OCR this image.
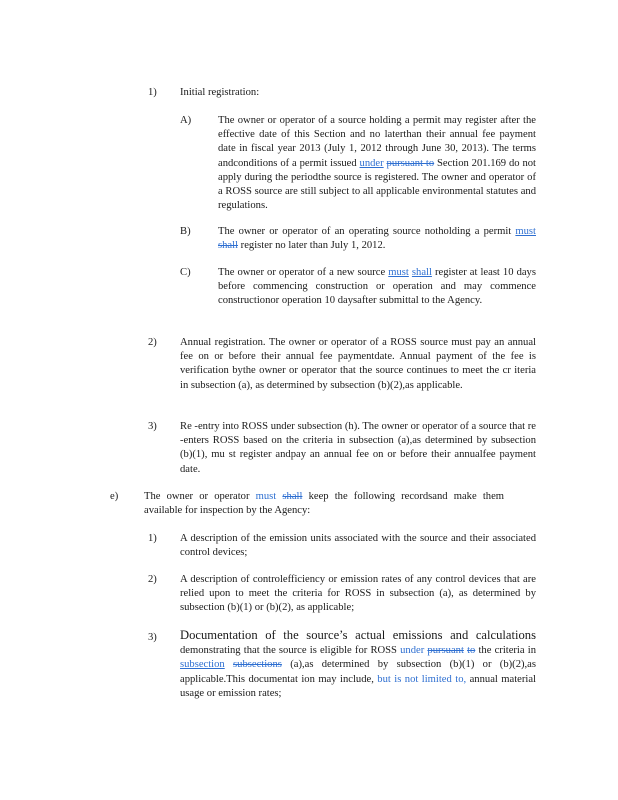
1) Initial registration:
A)	The owner or operator of a source holding a permit may register after the effective date of this Section and no laterthan their annual fee payment date in fiscal year 2013 (July 1, 2012 through June 30, 2013). The terms andconditions of a permit issued under pursuant to Section 201.169 do not apply during the periodthe source is registered. The owner and operator of a ROSS source are still subject to all applicable environmental statutes and regulations.
B)	The owner or operator of an operating source notholding a permit must shall register no later than July 1, 2012.
C)	The owner or operator of a new source must shall register at least 10 days before commencing construction or operation and may commence constructionor operation 10 daysafter submittal to the Agency.
2) Annual registration. The owner or operator of a ROSS source must pay an annual fee on or before their annual fee paymentdate. Annual payment of the fee is verification bythe owner or operator that the source continues to meet the cr iteria in subsection (a), as determined by subsection (b)(2),as applicable.
3) Re -entry into ROSS under subsection (h). The owner or operator of a source that re -enters ROSS based on the criteria in subsection (a),as determined by subsection (b)(1), mu st register andpay an annual fee on or before their annualfee payment date.
e) The owner or operator must shall keep the following recordsand make them available for inspection by the Agency:
1) A description of the emission units associated with the source and their associated control devices;
2) A description of controlefficiency or emission rates of any control devices that are relied upon to meet the criteria for ROSS in subsection (a), as determined by subsection (b)(1) or (b)(2), as applicable;
3) Documentation of the source’s actual emissions and calculations demonstrating that the source is eligible for ROSS under pursuant to the criteria in subsection subsections (a),as determined by subsection (b)(1) or (b)(2),as applicable.This documentat ion may include, but is not limited to, annual material usage or emission rates;
